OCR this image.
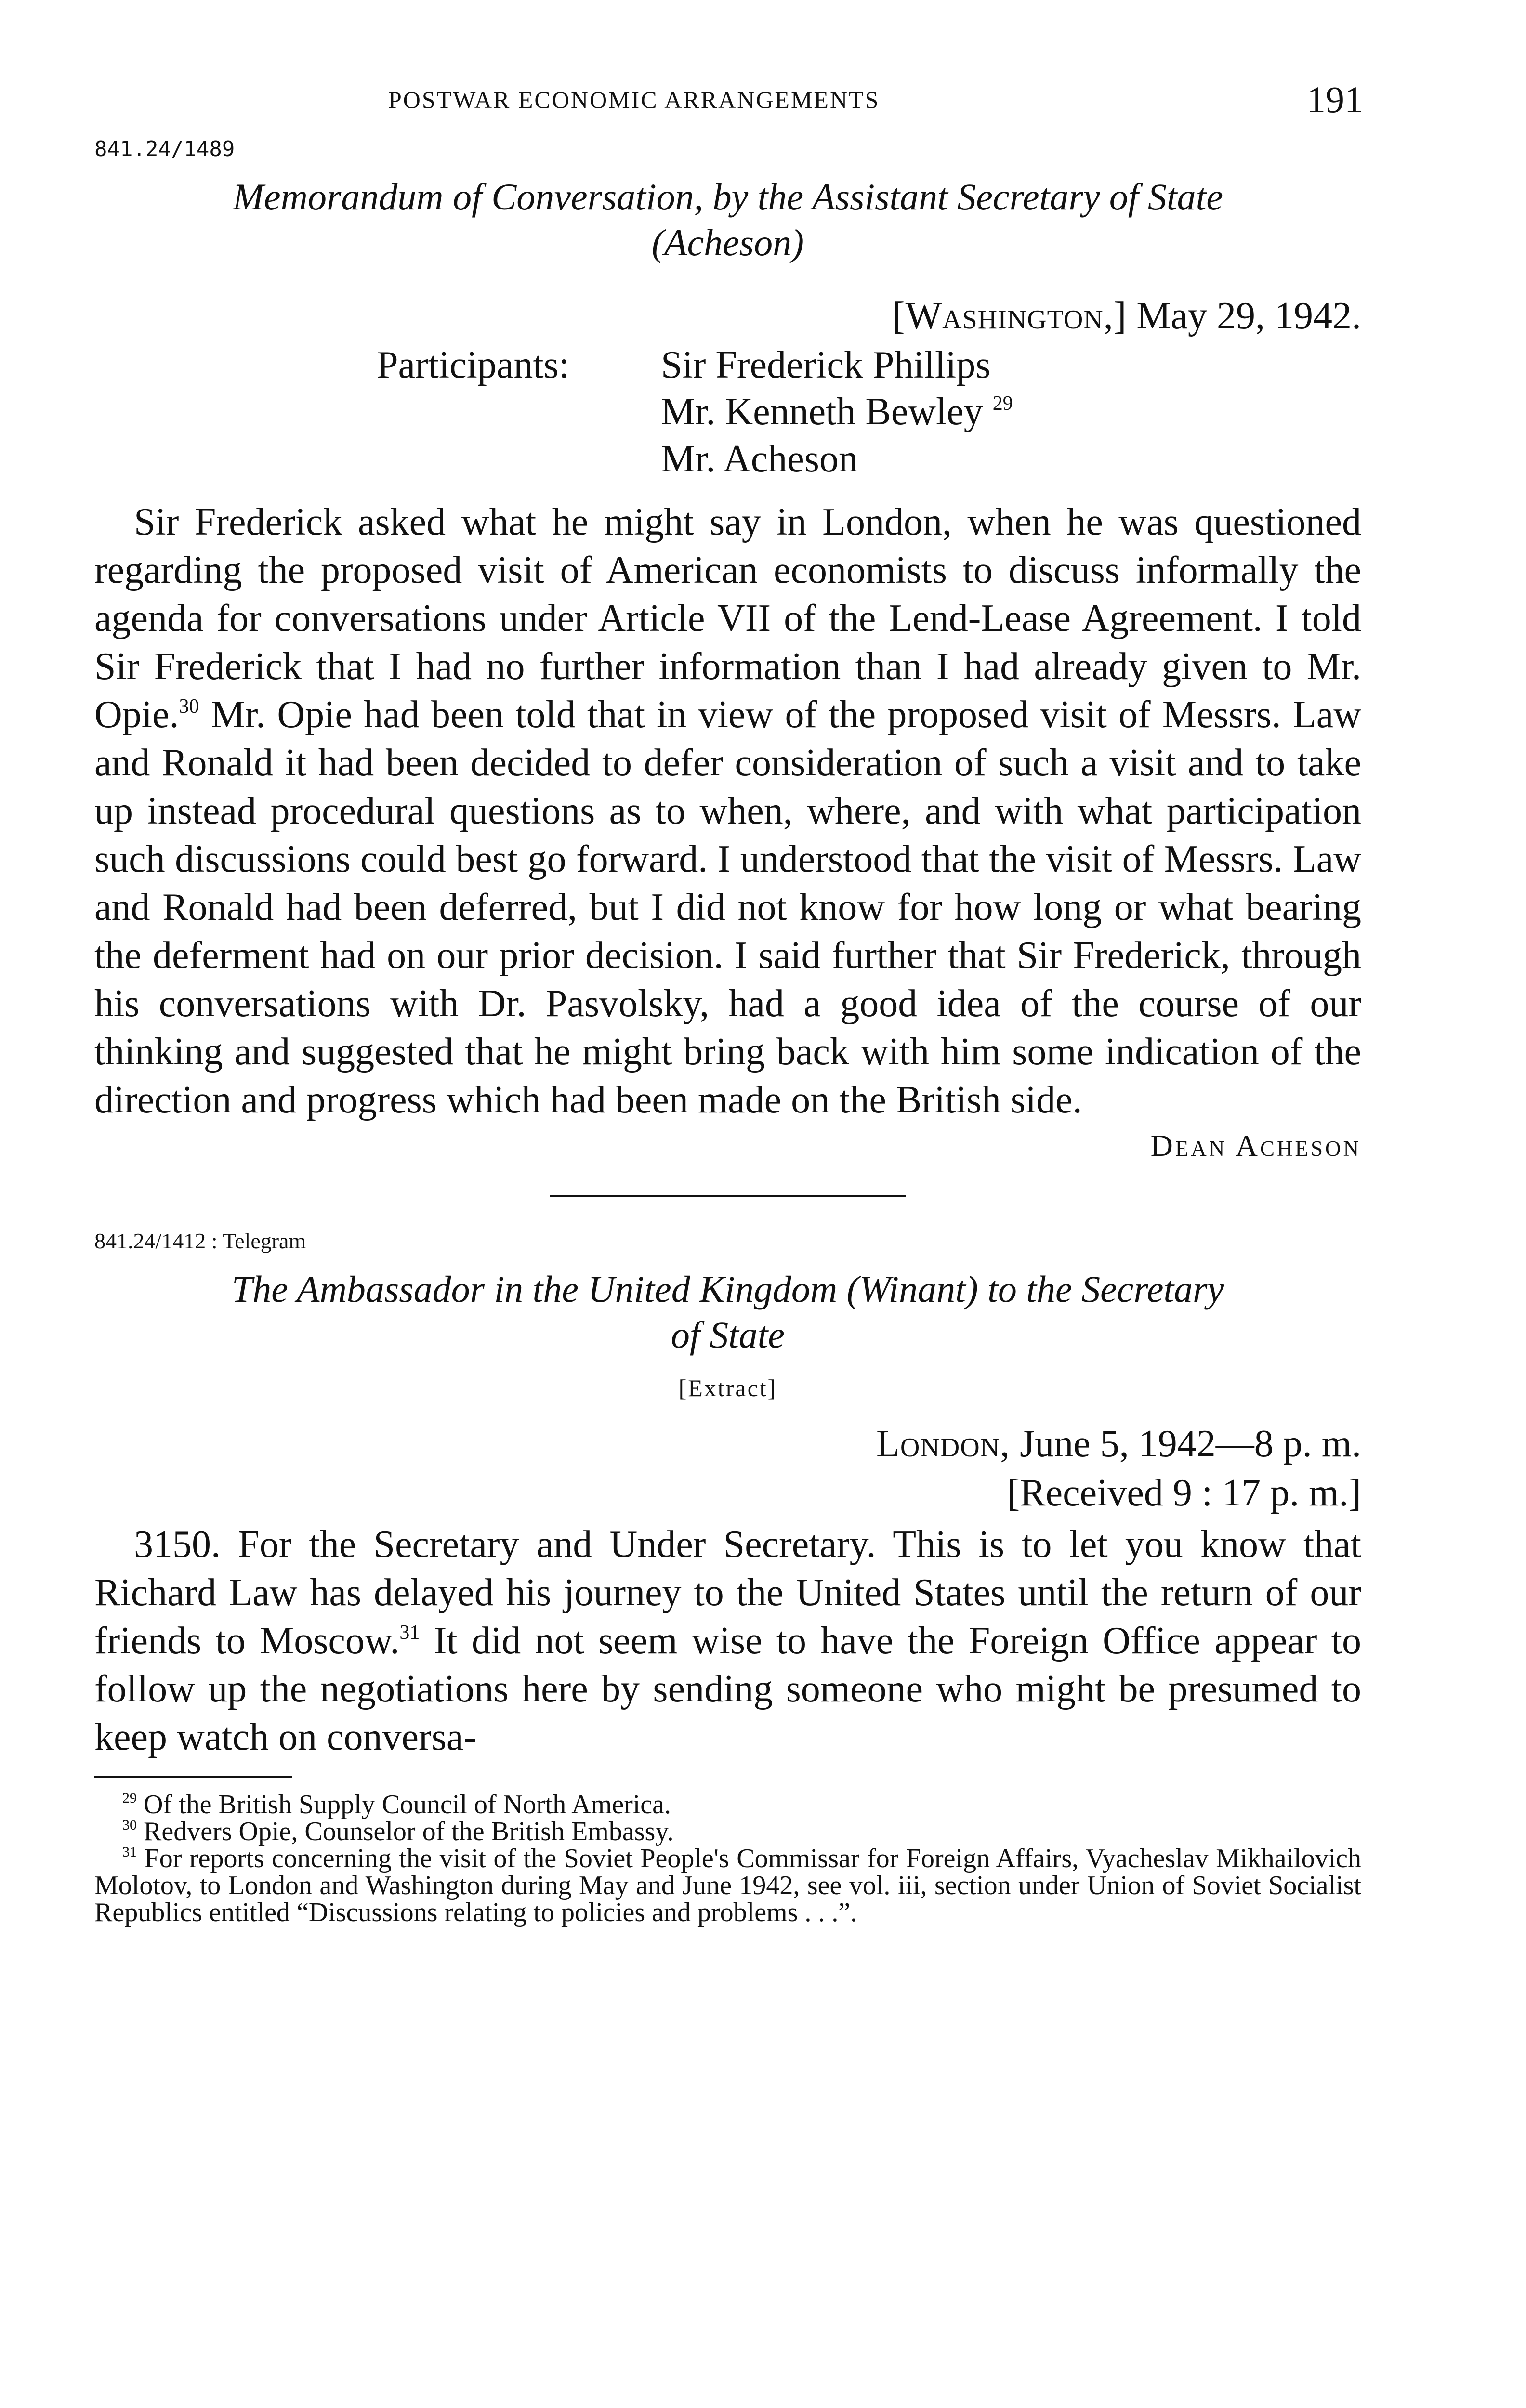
POSTWAR ECONOMIC ARRANGEMENTS	191
841.24/1489
Memorandum of Conversation, by the Assistant Secretary of State
(Acheson)
[Washington,] May 29, 1942.
Participants: Sir Frederick Phillips
Mr. Kenneth Bewley $^{29}$
Mr. Acheson

Sir Frederick asked what he might say in London, when he was questioned regarding the proposed visit of American economists to discuss informally the agenda for conversations under Article VII of the Lend-Lease Agreement. I told Sir Frederick that I had no further information than I had already given to Mr. Opie.$^{30}$ Mr. Opie had been told that in view of the proposed visit of Messrs. Law and Ronald it had been decided to defer consideration of such a visit and to take up instead procedural questions as to when, where, and with what participation such discussions could best go forward. I understood that the visit of Messrs. Law and Ronald had been deferred, but I did not know for how long or what bearing the deferment had on our prior decision. I said further that Sir Frederick, through his conversations with Dr. Pasvolsky, had a good idea of the course of our thinking and suggested that he might bring back with him some indication of the direction and progress which had been made on the British side.

Dean Acheson
841.24/1412 : Telegram
The Ambassador in the United Kingdom (Winant) to the Secretary
of State
[Extract]
London, June 5, 1942—8 p. m.
[Received 9 : 17 p. m.]

3150. For the Secretary and Under Secretary. This is to let you know that Richard Law has delayed his journey to the United States until the return of our friends to Moscow.$^{31}$ It did not seem wise to have the Foreign Office appear to follow up the negotiations here by sending someone who might be presumed to keep watch on conversa-

$^{29}$ Of the British Supply Council of North America.

$^{30}$ Redvers Opie, Counselor of the British Embassy.

$^{31}$ For reports concerning the visit of the Soviet People's Commissar for Foreign Affairs, Vyacheslav Mikhailovich Molotov, to London and Washington during May and June 1942, see vol. iii, section under Union of Soviet Socialist Republics entitled “Discussions relating to policies and problems . . .”.
